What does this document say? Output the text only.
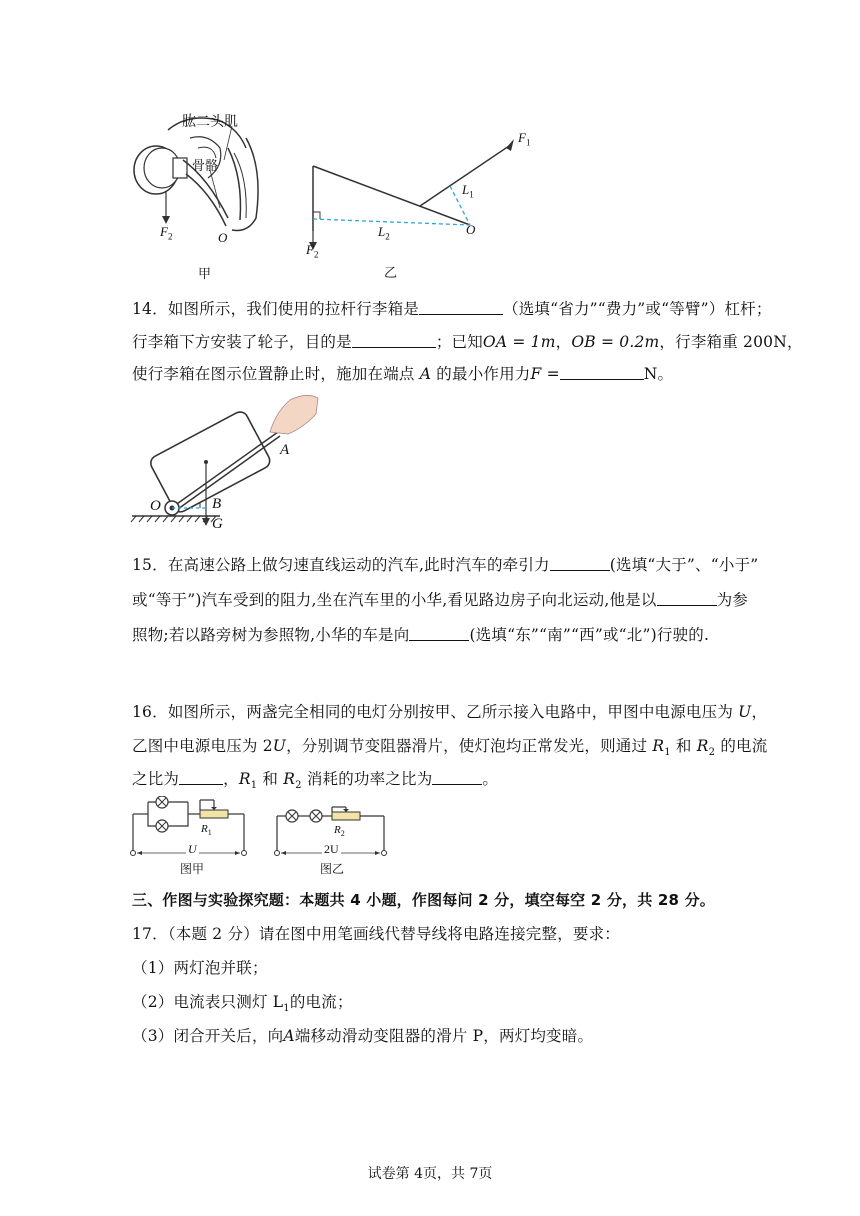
肱二头肌
骨骼
$F_2$	O
甲
$F_1$
$L_1$
$L_2$
$F_2$
O
乙
14．如图所示，我们使用的拉杆行李箱是	（选填“省力”“费力”或“等臂”）杠杆；
行李箱下方安装了轮子，目的是	；已知OA = 1m，OB = 0.2m，行李箱重 200N，
使行李箱在图示位置静止时，施加在端点 A 的最小作用力F =	N。
A
O	B
G
15．在高速公路上做匀速直线运动的汽车,此时汽车的牵引力	(选填“大于”、“小于”
或“等于”)汽车受到的阻力,坐在汽车里的小华,看见路边房子向北运动,他是以	为参
照物;若以路旁树为参照物,小华的车是向	(选填“东”“南”“西”或“北”)行驶的.
16．如图所示，两盏完全相同的电灯分别按甲、乙所示接入电路中，甲图中电源电压为 U，
乙图中电源电压为 2U，分别调节变阻器滑片，使灯泡均正常发光，则通过 $R_1$ 和 $R_2$ 的电流
之比为	，$R_1$ 和 $R_2$ 消耗的功率之比为	。
$R_1$
U
图甲
$R_2$
2U
图乙
三、作图与实验探究题：本题共 4 小题，作图每问 2 分，填空每空 2 分，共 28 分。
17．（本题 2 分）请在图中用笔画线代替导线将电路连接完整，要求：
（1）两灯泡并联；
（2）电流表只测灯 $L_1$的电流；
（3）闭合开关后，向A端移动滑动变阻器的滑片 P，两灯均变暗。
试卷第 4页，共 7页
